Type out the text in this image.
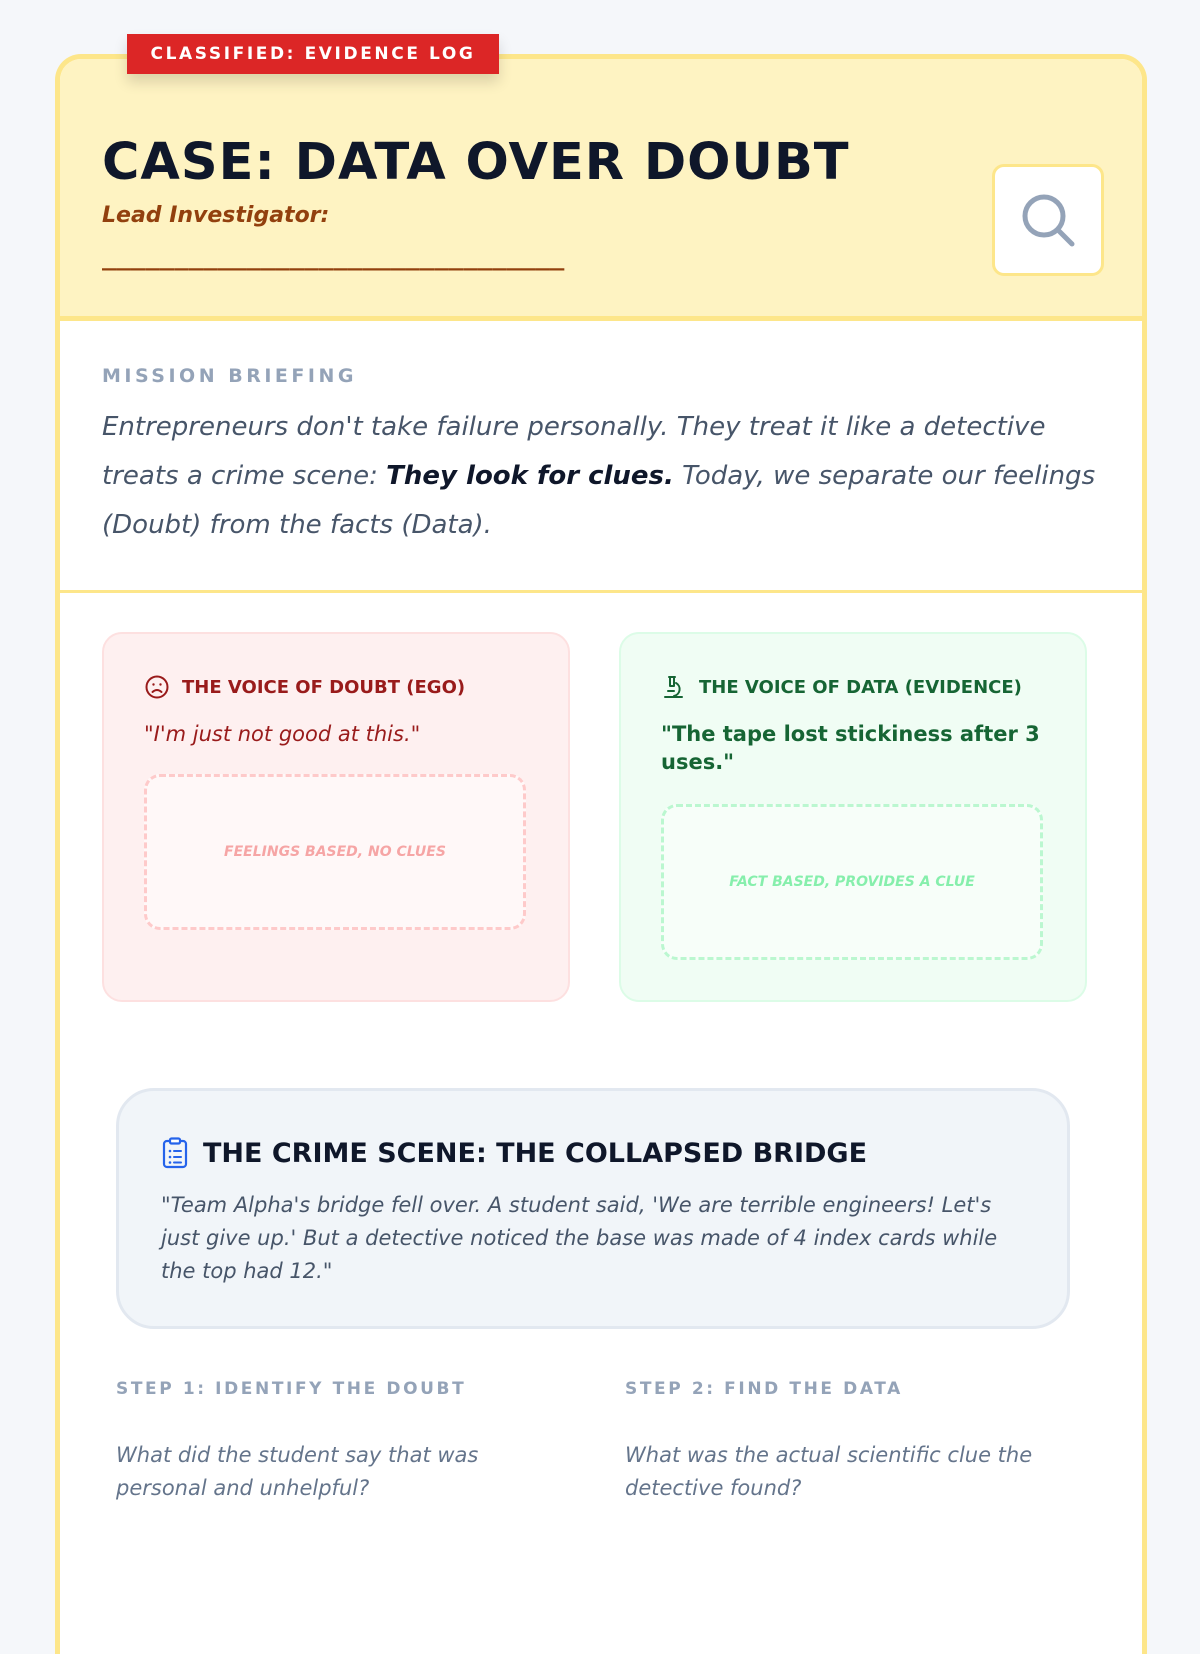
CLASSIFIED: EVIDENCE LOG
CASE: DATA OVER DOUBT
Lead Investigator:
________________________________
MISSION BRIEFING
Entrepreneurs don't take failure personally. They treat it like a detective treats a crime scene: They look for clues. Today, we separate our feelings (Doubt) from the facts (Data).
THE VOICE OF DOUBT (EGO)
"I'm just not good at this."
FEELINGS BASED, NO CLUES
THE VOICE OF DATA (EVIDENCE)
"The tape lost stickiness after 3 uses."
FACT BASED, PROVIDES A CLUE
THE CRIME SCENE: THE COLLAPSED BRIDGE
"Team Alpha's bridge fell over. A student said, 'We are terrible engineers! Let's just give up.' But a detective noticed the base was made of 4 index cards while the top had 12."
STEP 1: IDENTIFY THE DOUBT
What did the student say that was personal and unhelpful?
STEP 2: FIND THE DATA
What was the actual scientific clue the detective found?
